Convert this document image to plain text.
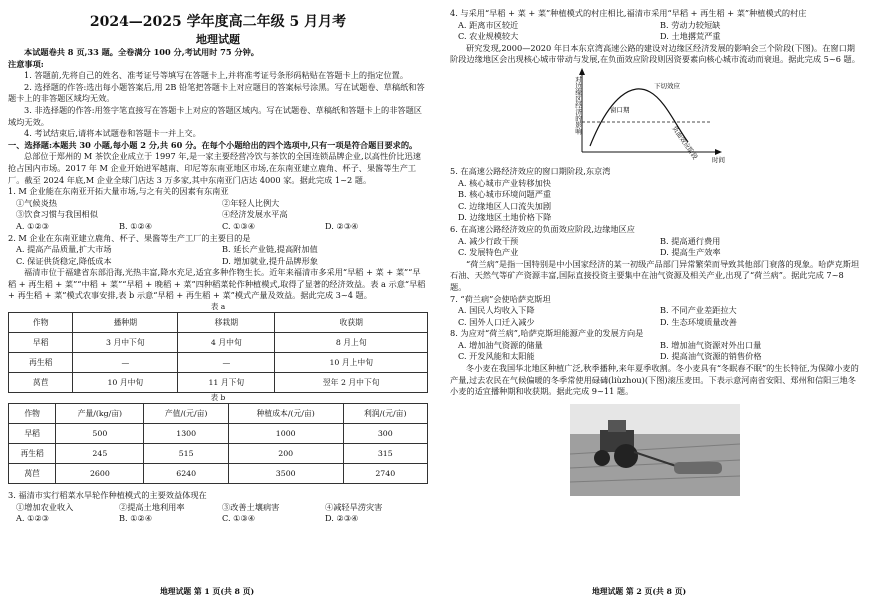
2024—2025 学年度高二年级 5 月月考
地理试题

本试题卷共 8 页,33 题。全卷满分 100 分,考试用时 75 分钟。

注意事项:

1. 答题前,先将自己的姓名、准考证号等填写在答题卡上,并将准考证号条形码粘贴在答题卡上的指定位置。

2. 选择题的作答:选出每小题答案后,用 2B 铅笔把答题卡上对应题目的答案标号涂黑。写在试题卷、草稿纸和答题卡上的非答题区域均无效。

3. 非选择题的作答:用签字笔直接写在答题卡上对应的答题区域内。写在试题卷、草稿纸和答题卡上的非答题区域均无效。

4. 考试结束后,请将本试题卷和答题卡一并上交。

一、选择题:本题共 30 小题,每小题 2 分,共 60 分。在每个小题给出的四个选项中,只有一项是符合题目要求的。

总部位于郑州的 M 茶饮企业成立于 1997 年,是一家主要经营冷饮与茶饮的全国连锁品牌企业,以高性价比迅速抢占国内市场。2017 年 M 企业开始进军越南、印尼等东南亚地区市场,在东南亚建立鹿角、杯子、果酱等生产工厂。截至 2024 年底,M 企业全球门店达 3 万多家,其中东南亚门店达 4000 家。据此完成 1~2 题。

1. M 企业能在东南亚开拓大量市场,与之有关的因素有东南亚

①气候炎热	②年轻人比例大
③饮食习惯与我国相似	④经济发展水平高
A. ①②③	B. ①②④	C. ①③④	D. ②③④

2. M 企业在东南亚建立鹿角、杯子、果酱等生产工厂的主要目的是

A. 提高产品质量,扩大市场	B. 延长产业链,提高附加值
C. 保证供货稳定,降低成本	D. 增加就业,提升品牌形象

福清市位于福建省东部沿海,光热丰富,降水充足,适宜多种作物生长。近年来福清市多采用“早稻 + 菜 + 菜”“早稻 + 再生稻 + 菜”“中稻 + 菜”“早稻 + 晚稻 + 菜”四种稻菜轮作种植模式,取得了显著的经济效益。表 a 示意“早稻 + 再生稻 + 菜”模式农事安排,表 b 示意“早稻 + 再生稻 + 菜”模式产量及效益。据此完成 3~4 题。

表 a
作物	播种期	移栽期	收获期
早稻	3 月中下旬	4 月中旬	8 月上旬
再生稻	—	—	10 月上中旬
莴苣	10 月中旬	11 月下旬	翌年 2 月中下旬
表 b
作物	产量/(kg/亩)	产值/(元/亩)	种植成本/(元/亩)	利润/(元/亩)
早稻	500	1300	1000	300
再生稻	245	515	200	315
莴苣	2600	6240	3500	2740

3. 福清市实行稻菜水旱轮作种植模式的主要效益体现在

①增加农业收入	②提高土地利用率	③改善土壤病害	④减轻旱涝灾害
A. ①②③	B. ①②④	C. ①③④	D. ②③④
地理试题 第 1 页(共 8 页)

4. 与采用“早稻 + 菜 + 菜”种植模式的村庄相比,福清市采用“早稻 + 再生稻 + 菜”种植模式的村庄

A. 距离市区较近	B. 劳动力较短缺
C. 农业规模较大	D. 土地撂荒严重

研究发现,2000—2020 年日本东京湾高速公路的建设对边缘区经济发展的影响会三个阶段(下图)。在窗口期阶段边缘地区会出现核心城市带动与发展,在负面效应阶段则因资要素向核心城市流动而衰退。据此完成 5~6 题。

对边缘区经济的影响	窗口期
下切效应
负面效应阶段 时间

5. 在高速公路经济效应的窗口期阶段,东京湾

A. 核心城市产业转移加快
B. 核心城市环境问题严重
C. 边缘地区人口流失加剧
D. 边缘地区土地价格下降

6. 在高速公路经济效应的负面效应阶段,边缘地区应

A. 减少行政干预	B. 提高通行费用
C. 发展特色产业	D. 提高生产效率

“荷兰病”是指一国特别是中小国家经济的某一初级产品部门异常繁荣而导致其他部门衰落的现象。哈萨克斯坦石油、天然气等矿产资源丰富,国际直接投资主要集中在油气资源及相关产业,出现了“荷兰病”。据此完成 7~8 题。

7. “荷兰病”会使哈萨克斯坦

A. 国民人均收入下降	B. 不同产业差距拉大
C. 国外人口迁入减少	D. 生态环境质量改善

8. 为应对“荷兰病”,哈萨克斯坦能源产业的发展方向是

A. 增加油气资源的储量	B. 增加油气资源对外出口量
C. 开发风能和太阳能	D. 提高油气资源的销售价格

冬小麦在我国华北地区种植广泛,秋季播种,来年夏季收割。冬小麦具有“冬眠春不眠”的生长特征,为保障小麦的产量,过去农民在气候偏暖的冬季常使用碌碡(liùzhou)(下图)滚压麦田。下表示意河南省安阳、郑州和信阳三地冬小麦的适宜播种期和收获期。据此完成 9~11 题。

地理试题 第 2 页(共 8 页)
